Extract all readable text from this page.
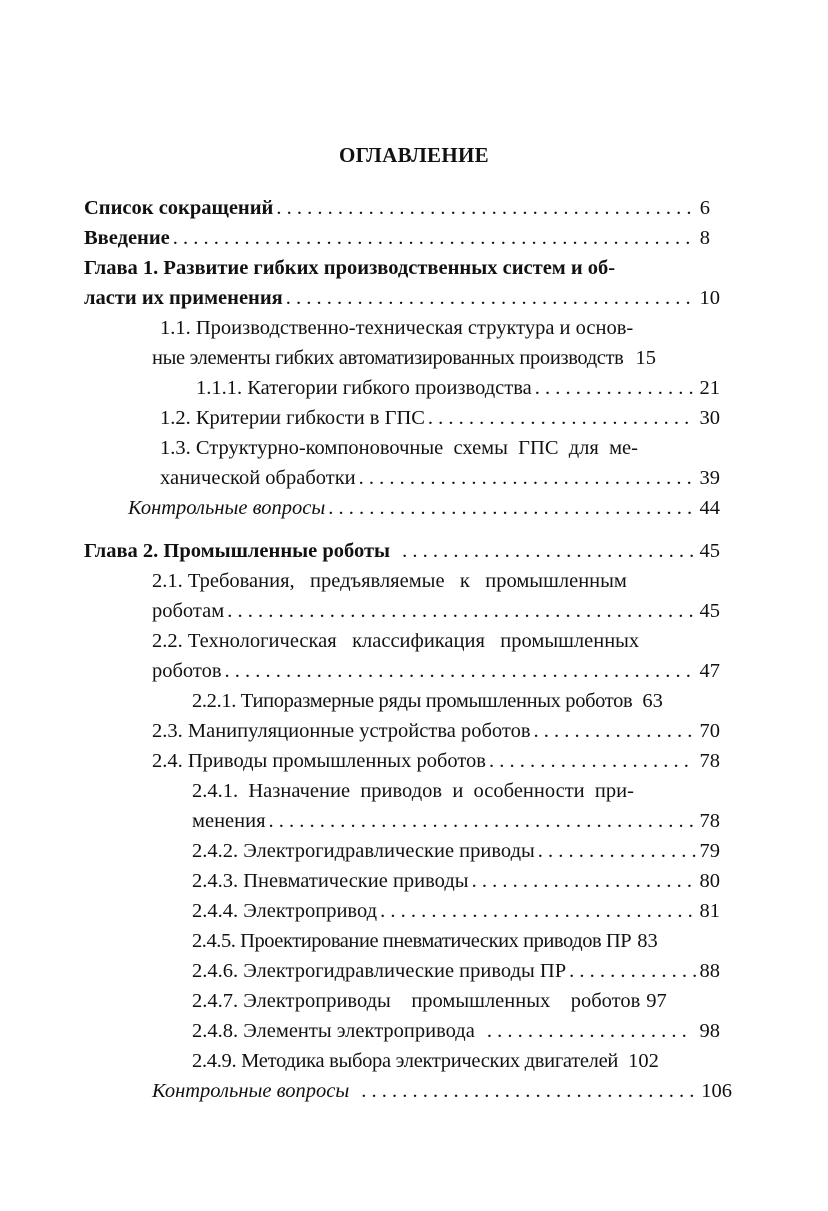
ОГЛАВЛЕНИЕ
Список сокращений . . .	6
Введение . . .	8
Глава 1. Развитие гибких производственных систем и об-
ласти их применения . . .	10
1.1. Производственно-техническая структура и основ-
ные элементы гибких автоматизированных производств 15
1.1.1. Категории гибкого производства . . .	21
1.2. Критерии гибкости в ГПС . . .	30
1.3. Структурно-компоновочные  схемы  ГПС  для  ме-
ханической обработки . . .	39
Контрольные вопросы . . .	44
Глава 2. Промышленные роботы . . .	45
2.1. Требования,   предъявляемые   к   промышленным
роботам . . .	45
2.2. Технологическая   классификация   промышленных
роботов . . .	47
2.2.1. Типоразмерные ряды промышленных роботов 63
2.3. Манипуляционные устройства роботов . . .	70
2.4. Приводы промышленных роботов . . .	78
2.4.1.  Назначение  приводов  и  особенности  при-
менения . . .	78
2.4.2. Электрогидравлические приводы . . .	79
2.4.3. Пневматические приводы . . .	80
2.4.4. Электропривод . . .	81
2.4.5. Проектирование пневматических приводов ПР 83
2.4.6. Электрогидравлические приводы ПР . . .	88
2.4.7. Электроприводы    промышленных    роботов 97
2.4.8. Элементы электропривода . . .	98
2.4.9. Методика выбора электрических двигателей 102
Контрольные вопросы . . .	106
